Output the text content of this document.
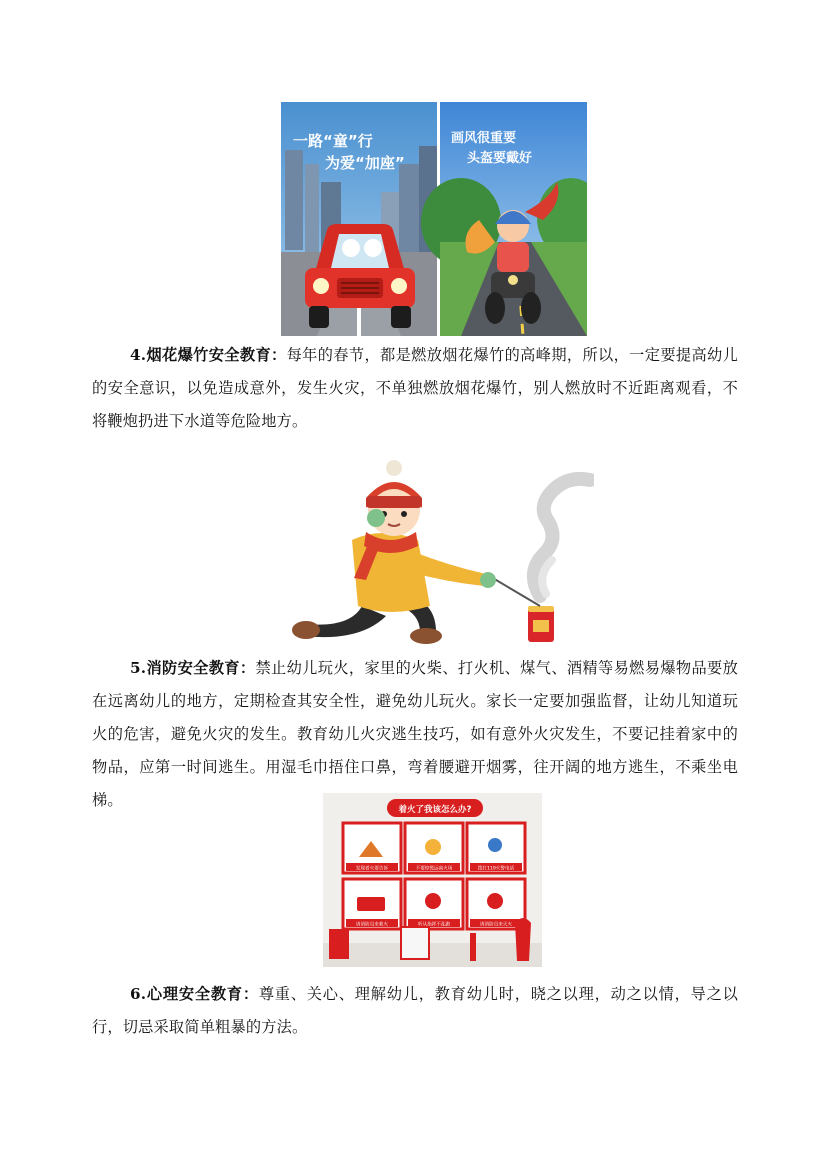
一路“童”行
为爱“加座”
画风很重要
头盔要戴好
4.烟花爆竹安全教育：每年的春节，都是燃放烟花爆竹的高峰期，所以，一定要提高幼儿的安全意识，以免造成意外，发生火灾，不单独燃放烟花爆竹，别人燃放时不近距离观看，不将鞭炮扔进下水道等危险地方。
5.消防安全教育：禁止幼儿玩火，家里的火柴、打火机、煤气、酒精等易燃易爆物品要放在远离幼儿的地方，定期检查其安全性，避免幼儿玩火。家长一定要加强监督，让幼儿知道玩火的危害，避免火灾的发生。教育幼儿火灾逃生技巧，如有意外火灾发生，不要记挂着家中的物品，应第一时间逃生。用湿毛巾捂住口鼻，弯着腰避开烟雾，往开阔的地方逃生，不乘坐电梯。
着火了我该怎么办?
发现着火要告诉	不要惊慌远离火场	拨打119火警电话
请消防员来救火	听从指挥不乱跑	请消防员来灭火
6.心理安全教育：尊重、关心、理解幼儿，教育幼儿时，晓之以理，动之以情，导之以行，切忌采取简单粗暴的方法。
